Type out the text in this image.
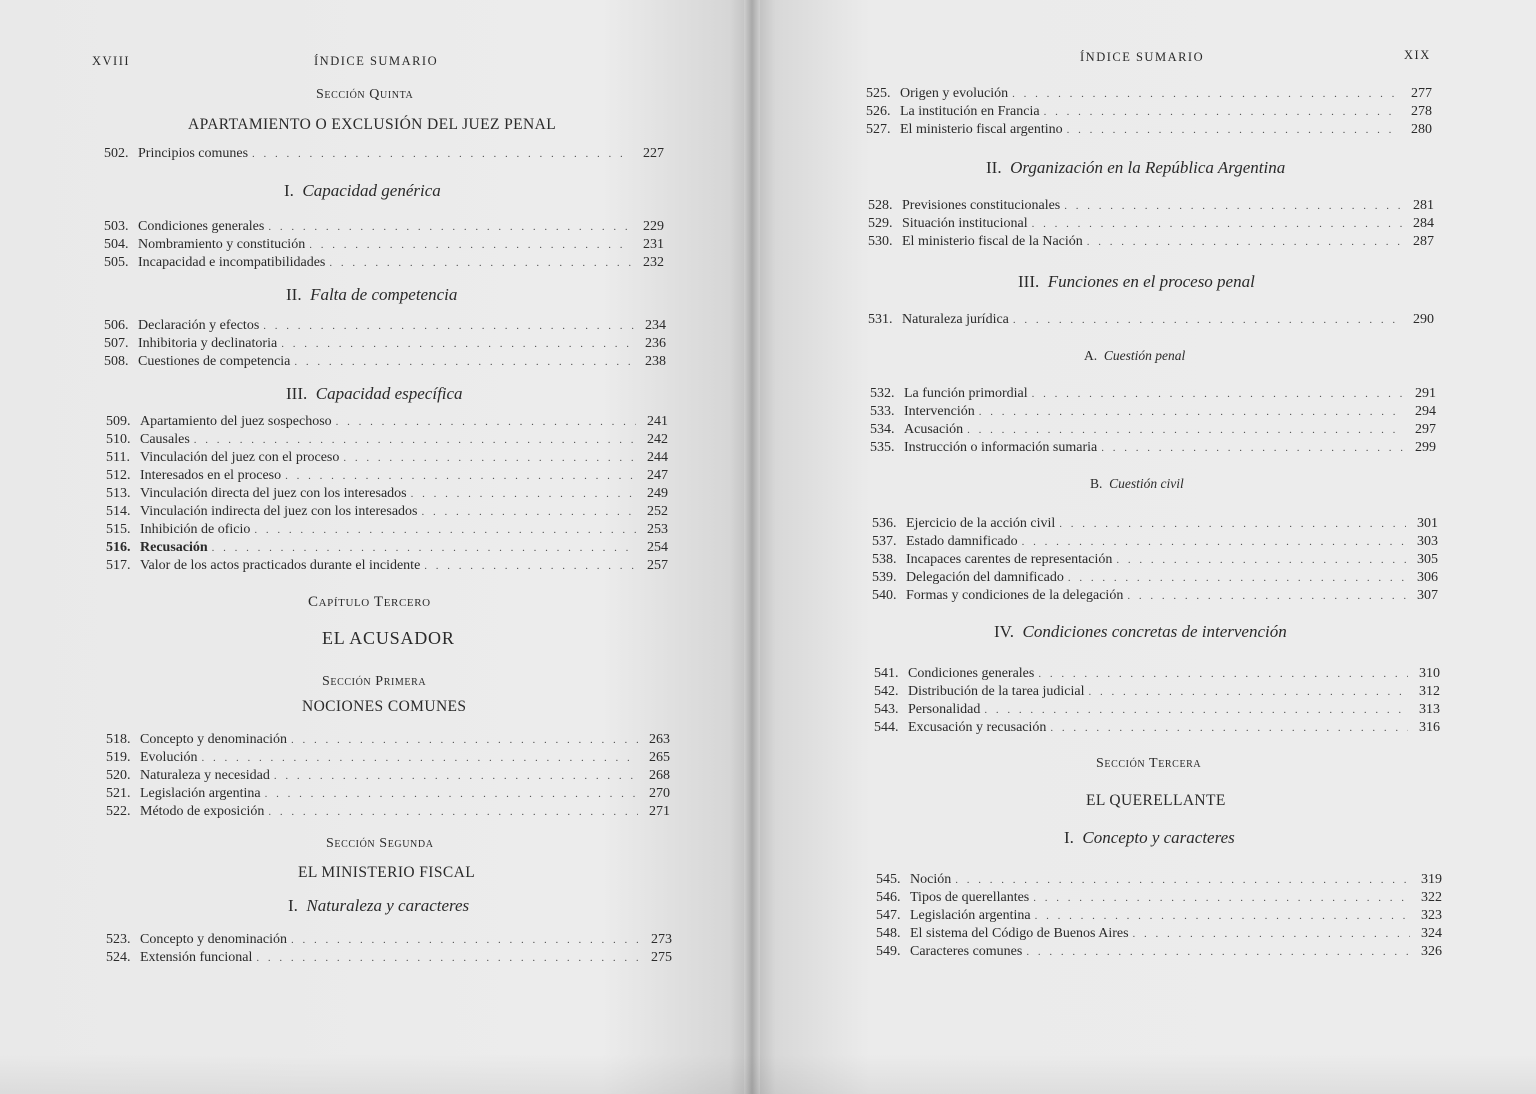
XVIII	ÍNDICE SUMARIO
Sección Quinta
APARTAMIENTO O EXCLUSIÓN DEL JUEZ PENAL
502. Principios comunes . . .	227
I. Capacidad genérica
503. Condiciones generales . . .	229
504. Nombramiento y constitución . . .	231
505. Incapacidad e incompatibilidades . . .	232
II. Falta de competencia
506. Declaración y efectos . . .	234
507. Inhibitoria y declinatoria . . .	236
508. Cuestiones de competencia . . .	238
III. Capacidad específica
509. Apartamiento del juez sospechoso . . .	241
510. Causales . . .	242
511. Vinculación del juez con el proceso . . .	244
512. Interesados en el proceso . . .	247
513. Vinculación directa del juez con los interesados . . .	249
514. Vinculación indirecta del juez con los interesados . . .	252
515. Inhibición de oficio . . .	253
516. Recusación . . .	254
517. Valor de los actos practicados durante el incidente . . .	257
Capítulo Tercero
EL ACUSADOR
Sección Primera
NOCIONES COMUNES
518. Concepto y denominación . . .	263
519. Evolución . . .	265
520. Naturaleza y necesidad . . .	268
521. Legislación argentina . . .	270
522. Método de exposición . . .	271
Sección Segunda
EL MINISTERIO FISCAL
I. Naturaleza y caracteres
523. Concepto y denominación . . .	273
524. Extensión funcional . . .	275
ÍNDICE SUMARIO	XIX
525. Origen y evolución . . .	277
526. La institución en Francia . . .	278
527. El ministerio fiscal argentino . . .	280
II. Organización en la República Argentina
528. Previsiones constitucionales . . .	281
529. Situación institucional . . .	284
530. El ministerio fiscal de la Nación . . .	287
III. Funciones en el proceso penal
531. Naturaleza jurídica . . .	290
A. Cuestión penal
532. La función primordial . . .	291
533. Intervención . . .	294
534. Acusación . . .	297
535. Instrucción o información sumaria . . .	299
B. Cuestión civil
536. Ejercicio de la acción civil . . .	301
537. Estado damnificado . . .	303
538. Incapaces carentes de representación . . .	305
539. Delegación del damnificado . . .	306
540. Formas y condiciones de la delegación . . .	307
IV. Condiciones concretas de intervención
541. Condiciones generales . . .	310
542. Distribución de la tarea judicial . . .	312
543. Personalidad . . .	313
544. Excusación y recusación . . .	316
Sección Tercera
EL QUERELLANTE
I. Concepto y caracteres
545. Noción . . .	319
546. Tipos de querellantes . . .	322
547. Legislación argentina . . .	323
548. El sistema del Código de Buenos Aires . . .	324
549. Caracteres comunes . . .	326
